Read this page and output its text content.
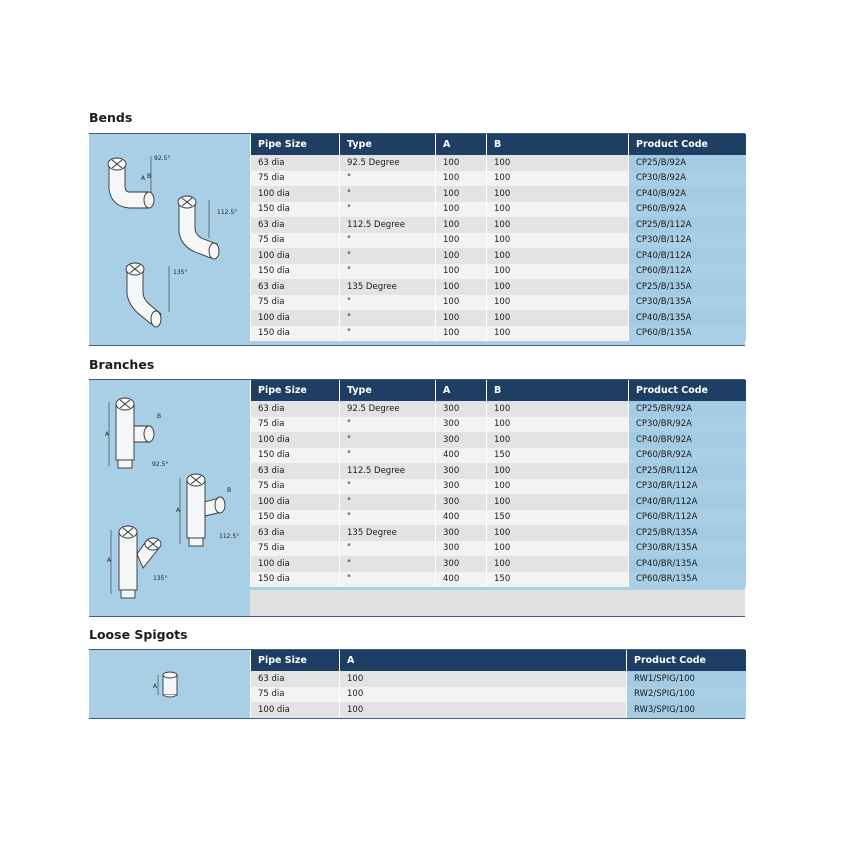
Bends
92.5°
112.5°
135°
A B
Pipe Size	Type	A	B	Product Code
63 dia	92.5 Degree	100	100	CP25/B/92A
75 dia	"	100	100	CP30/B/92A
100 dia	"	100	100	CP40/B/92A
150 dia	"	100	100	CP60/B/92A
63 dia	112.5 Degree	100	100	CP25/B/112A
75 dia	"	100	100	CP30/B/112A
100 dia	"	100	100	CP40/B/112A
150 dia	"	100	100	CP60/B/112A
63 dia	135 Degree	100	100	CP25/B/135A
75 dia	"	100	100	CP30/B/135A
100 dia	"	100	100	CP40/B/135A
150 dia	"	100	100	CP60/B/135A
Branches
A
A
A
B
B
92.5°
112.5°
135°
Pipe Size	Type	A	B	Product Code
63 dia	92.5 Degree	300	100	CP25/BR/92A
75 dia	"	300	100	CP30/BR/92A
100 dia	"	300	100	CP40/BR/92A
150 dia	"	400	150	CP60/BR/92A
63 dia	112.5 Degree	300	100	CP25/BR/112A
75 dia	"	300	100	CP30/BR/112A
100 dia	"	300	100	CP40/BR/112A
150 dia	"	400	150	CP60/BR/112A
63 dia	135 Degree	300	100	CP25/BR/135A
75 dia	"	300	100	CP30/BR/135A
100 dia	"	300	100	CP40/BR/135A
150 dia	"	400	150	CP60/BR/135A
Loose Spigots
A
Pipe Size	A	Product Code
63 dia	100	RW1/SPIG/100
75 dia	100	RW2/SPIG/100
100 dia	100	RW3/SPIG/100
